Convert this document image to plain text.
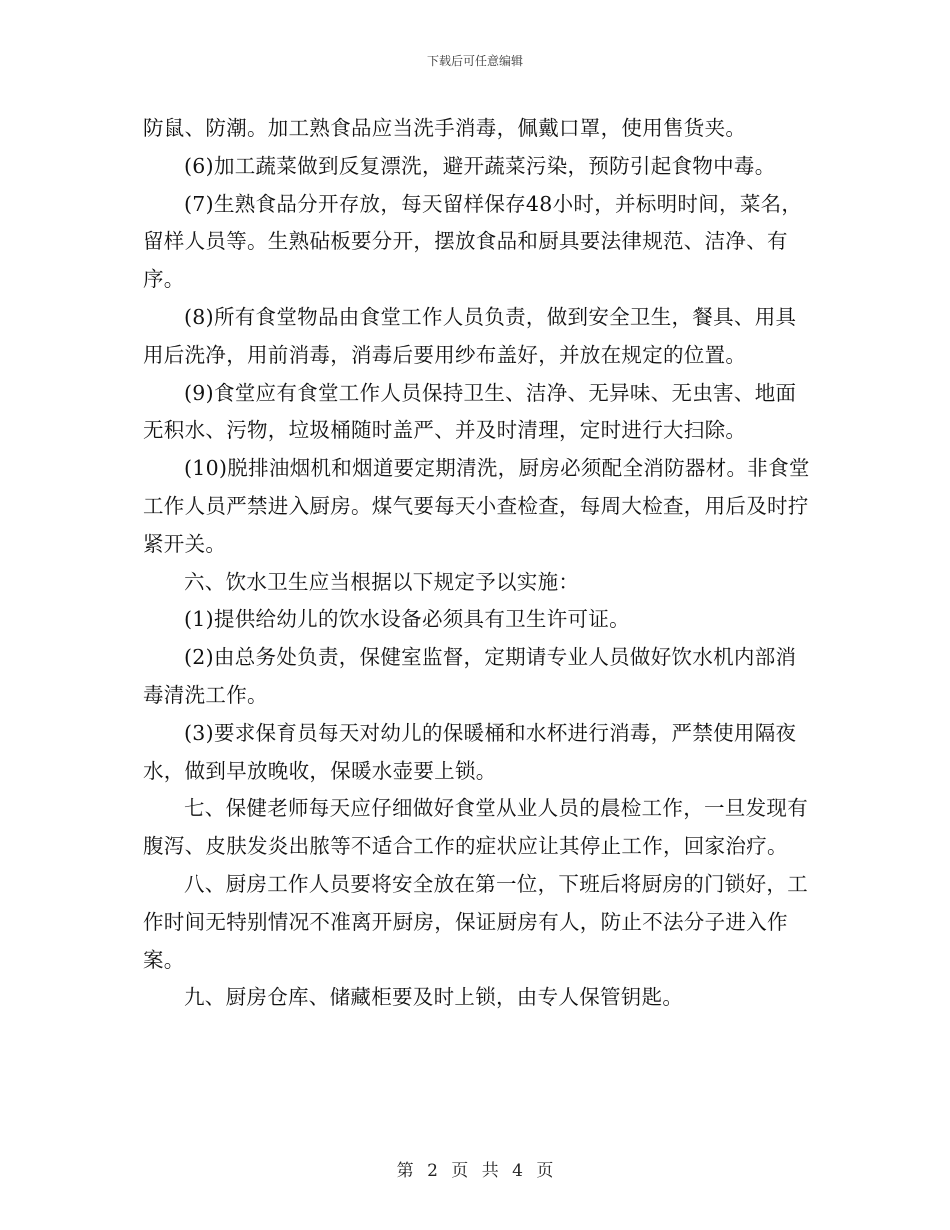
下载后可任意编辑

防鼠、防潮。加工熟食品应当洗手消毒，佩戴口罩，使用售货夹。

(6)加工蔬菜做到反复漂洗，避开蔬菜污染，预防引起食物中毒。

(7)生熟食品分开存放，每天留样保存48小时，并标明时间，菜名，留样人员等。生熟砧板要分开，摆放食品和厨具要法律规范、洁净、有序。

(8)所有食堂物品由食堂工作人员负责，做到安全卫生，餐具、用具用后洗净，用前消毒，消毒后要用纱布盖好，并放在规定的位置。

(9)食堂应有食堂工作人员保持卫生、洁净、无异味、无虫害、地面无积水、污物，垃圾桶随时盖严、并及时清理，定时进行大扫除。

(10)脱排油烟机和烟道要定期清洗，厨房必须配全消防器材。非食堂工作人员严禁进入厨房。煤气要每天小查检查，每周大检查，用后及时拧紧开关。

六、饮水卫生应当根据以下规定予以实施：

(1)提供给幼儿的饮水设备必须具有卫生许可证。

(2)由总务处负责，保健室监督，定期请专业人员做好饮水机内部消毒清洗工作。

(3)要求保育员每天对幼儿的保暖桶和水杯进行消毒，严禁使用隔夜水，做到早放晚收，保暖水壶要上锁。

七、保健老师每天应仔细做好食堂从业人员的晨检工作，一旦发现有腹泻、皮肤发炎出脓等不适合工作的症状应让其停止工作，回家治疗。

八、厨房工作人员要将安全放在第一位，下班后将厨房的门锁好，工作时间无特别情况不准离开厨房，保证厨房有人，防止不法分子进入作案。

九、厨房仓库、储藏柜要及时上锁，由专人保管钥匙。

第 2 页 共 4 页
